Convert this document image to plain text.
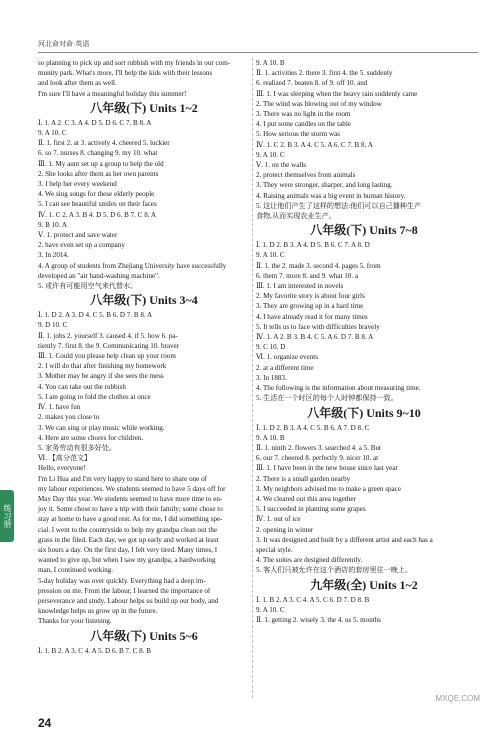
河北命对命·英语
so planning to pick up and sort rubbish with my friends in our com-
munity park. What's more, I'll help the kids with their lessons
and look after them as well.
I'm sure I'll have a meaningful holiday this summer!
八年级(下) Units 1~2
Ⅰ. 1. A 2. C 3. A 4. D 5. D 6. C 7. B 8. A
9. A 10. C
Ⅱ. 1. first 2. at 3. actively 4. cheered 5. luckier
6. so 7. nurses 8. changing 9. my 10. what
Ⅲ. 1. My aunt set up a group to help the old
2. She looks after them as her own parents
3. I help her every weekend
4. We sing songs for these elderly people
5. I can see beautiful smiles on their faces
Ⅳ. 1. C 2. A 3. B 4. D 5. D 6. B 7. C 8. A
9. B 10. A
Ⅴ. 1. protect and save water
2. have even set up a company
3. In 2014.
4. A group of students from Zhejiang University have successfully
developed an "air hand-washing machine".
5. 或许有可能用空气来代替水。
八年级(下) Units 3~4
Ⅰ. 1. D 2. A 3. D 4. C 5. B 6. D 7. B 8. A
9. D 10. C
Ⅱ. 1. jobs 2. yourself 3. caused 4. if 5. how 6. pa-
tiently 7. first 8. the 9. Communicating 10. braver
Ⅲ. 1. Could you please help clean up your room
2. I will do that after finishing my homework
3. Mother may be angry if she sees the mess
4. You can take out the rubbish
5. I am going to fold the clothes at once
Ⅳ. 1. have fun
2. makes you close to
3. We can sing or play music while working.
4. Here are some chores for children.
5. 家务劳动有很多好处。
Ⅵ. 【高分范文】
Hello, everyone!
I'm Li Hua and I'm very happy to stand here to share one of
my labour experiences. We students seemed to have 5 days off for
May Day this year. We students seemed to have more time to en-
joy it. Some chose to have a trip with their family; some chose to
stay at home to have a good rest. As for me, I did something spe-
cial. I went to the countryside to help my grandpa clean out the
grass in the filed. Each day, we got up early and worked at least
six hours a day. On the first day, I felt very tired. Many times, I
wanted to give up, but when I saw my grandpa, a hardworking
man, I continued working.
5-day holiday was over quickly. Everything had a deep im-
pression on me. From the labour, I learned the importance of
perseverance and study. Labour helps us build up our body, and
knowledge helps us grow up in the future.
Thanks for your listening.
八年级(下) Units 5~6
Ⅰ. 1. B 2. A 3. C 4. A 5. D 6. B 7. C 8. B
9. A 10. B
Ⅱ. 1. activities 2. there 3. first 4. the 5. suddenly
6. realized 7. beaten 8. of 9. off 10. and
Ⅲ. 1. I was sleeping when the heavy rain suddenly came
2. The wind was blowing out of my window
3. There was no light in the room
4. I put some candles on the table
5. How serious the storm was
Ⅳ. 1. C 2. B 3. A 4. C 5. A 6. C 7. B 8. A
9. A 10. C
Ⅴ. 1. on the walls
2. protect themselves from animals
3. They were stronger, sharper, and long lasting.
4. Raising animals was a big event in human history.
5. 这让他们产生了这样的想法:他们可以自己播种生产
食物,从而实现农业生产。
八年级(下) Units 7~8
Ⅰ. 1. D 2. B 3. A 4. D 5. B 6. C 7. A 8. D
9. A 10. C
Ⅱ. 1. the 2. made 3. second 4. pages 5. from
6. them 7. more 8. and 9. what 10. a
Ⅲ. 1. I am interested in novels
2. My favorite story is about four girls
3. They are growing up in a hard time
4. I have already read it for many times
5. It tells us to face with difficulties bravely
Ⅳ. 1. A 2. B 3. B 4. C 5. A 6. D 7. B 8. A
9. C 10. D
Ⅵ. 1. organize events
2. at a different time
3. In 1883.
4. The following is the information about measuring time.
5. 生活在一个时区的每个人时钟都保持一致。
八年级(下) Units 9~10
Ⅰ. 1. D 2. B 3. A 4. C 5. B 6. A 7. D 8. C
9. A 10. B
Ⅱ. 1. ninth 2. flowers 3. searched 4. a 5. But
6. our 7. cheered 8. perfectly 9. nicer 10. at
Ⅲ. 1. I have been in the new house since last year
2. There is a small garden nearby
3. My neighbors advised me to make a green space
4. We cleared out this area together
5. I succeeded in planting some grapes
Ⅳ. 1. out of ice
2. opening in winter
3. It was designed and built by a different artist and each has a
special style.
4. The suites are designed differently.
5. 客人们只被允许在这个酒店的套房里住一晚上。
九年级(全) Units 1~2
Ⅰ. 1. B 2. A 3. C 4. A 5. C 6. D 7. D 8. B
9. A 10. C
Ⅱ. 1. getting 2. wisely 3. the 4. us 5. months
练习册
24
MXQE.COM
